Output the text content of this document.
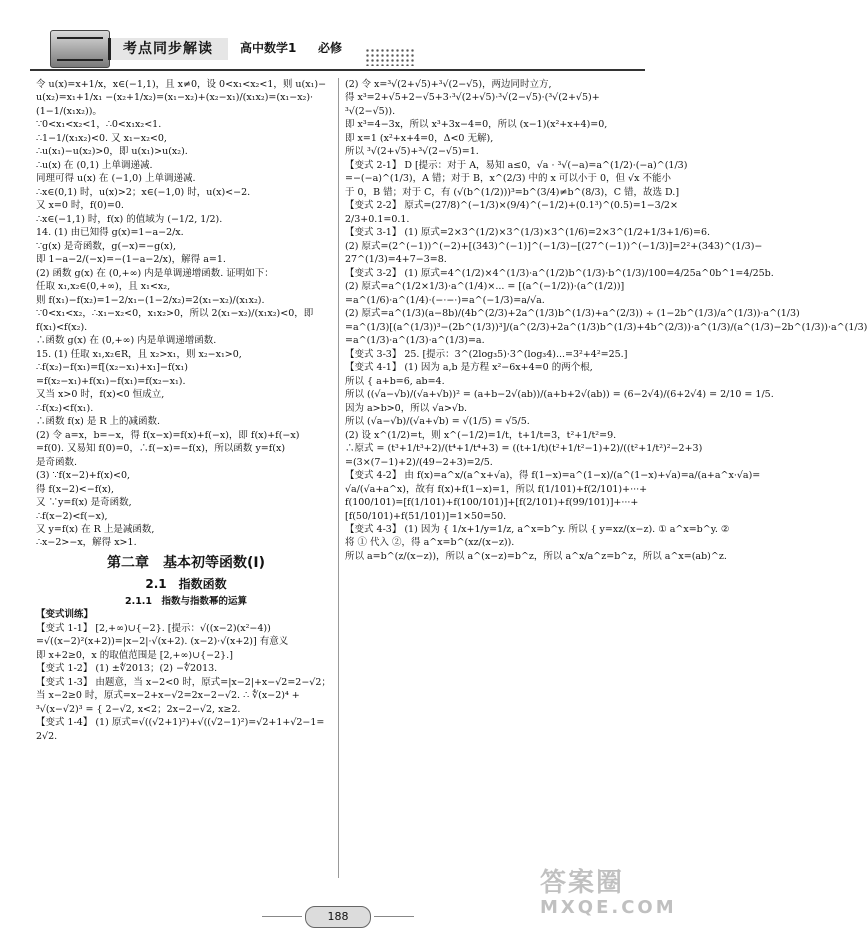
考点同步解读	高中数学1 必修
令 u(x)=x+1/x，x∈(−1,1)，且 x≠0，设 0<x₁<x₂<1，则 u(x₁)−
u(x₂)=x₁+1/x₁ −(x₂+1/x₂)=(x₁−x₂)+(x₂−x₁)/(x₁x₂)=(x₁−x₂)·
(1−1/(x₁x₂))。
∵0<x₁<x₂<1，∴0<x₁x₂<1.
∴1−1/(x₁x₂)<0. 又 x₁−x₂<0,
∴u(x₁)−u(x₂)>0，即 u(x₁)>u(x₂).
∴u(x) 在 (0,1) 上单调递减.
同理可得 u(x) 在 (−1,0) 上单调递减.
∴x∈(0,1) 时，u(x)>2；x∈(−1,0) 时，u(x)<−2.
又 x=0 时，f(0)=0.
∴x∈(−1,1) 时，f(x) 的值域为 (−1/2, 1/2).
14. (1) 由已知得 g(x)=1−a−2/x.
∵g(x) 是奇函数，g(−x)=−g(x),
即 1−a−2/(−x)=−(1−a−2/x)，解得 a=1.
(2) 函数 g(x) 在 (0,+∞) 内是单调递增函数. 证明如下：
任取 x₁,x₂∈(0,+∞)，且 x₁<x₂,
则 f(x₁)−f(x₂)=1−2/x₁−(1−2/x₂)=2(x₁−x₂)/(x₁x₂).
∵0<x₁<x₂，∴x₁−x₂<0，x₁x₂>0，所以 2(x₁−x₂)/(x₁x₂)<0，即
f(x₁)<f(x₂).
∴函数 g(x) 在 (0,+∞) 内是单调递增函数.
15. (1) 任取 x₁,x₂∈R，且 x₂>x₁，则 x₂−x₁>0,
∴f(x₂)−f(x₁)=f[(x₂−x₁)+x₁]−f(x₁)
=f(x₂−x₁)+f(x₁)−f(x₁)=f(x₂−x₁).
又当 x>0 时，f(x)<0 恒成立,
∴f(x₂)<f(x₁).
∴函数 f(x) 是 R 上的减函数.
(2) 令 a=x，b=−x，得 f(x−x)=f(x)+f(−x)，即 f(x)+f(−x)
=f(0). 又易知 f(0)=0，∴f(−x)=−f(x)，所以函数 y=f(x)
是奇函数.
(3) ∵f(x−2)+f(x)<0,
得 f(x−2)<−f(x),
又 ∵y=f(x) 是奇函数,
∴f(x−2)<f(−x),
又 y=f(x) 在 R 上是减函数,
∴x−2>−x，解得 x>1.
第二章　基本初等函数(Ⅰ)
2.1　指数函数
2.1.1　指数与指数幂的运算
【变式训练】
【变式 1-1】 [2,+∞)∪{−2}. [提示：√((x−2)(x²−4))
=√((x−2)²(x+2))=|x−2|·√(x+2). (x−2)·√(x+2)] 有意义
即 x+2≥0，x 的取值范围是 [2,+∞)∪{−2}.]
【变式 1-2】 (1) ±∜2013；(2) −∜2013.
【变式 1-3】 由题意，当 x−2<0 时，原式=|x−2|+x−√2=2−√2；
当 x−2≥0 时，原式=x−2+x−√2=2x−2−√2. ∴ ∜(x−2)⁴ +
³√(x−√2)³ = { 2−√2, x<2；2x−2−√2, x≥2.
【变式 1-4】 (1) 原式=√((√2+1)²)+√((√2−1)²)=√2+1+√2−1=
2√2.
(2) 令 x=³√(2+√5)+³√(2−√5)，两边同时立方,
得 x³=2+√5+2−√5+3·³√(2+√5)·³√(2−√5)·(³√(2+√5)+
³√(2−√5)).
即 x³=4−3x，所以 x³+3x−4=0，所以 (x−1)(x²+x+4)=0,
即 x=1 (x²+x+4=0，Δ<0 无解),
所以 ³√(2+√5)+³√(2−√5)=1.
【变式 2-1】 D [提示：对于 A，易知 a≤0，√a · ³√(−a)=a^(1/2)·(−a)^(1/3)
=−(−a)^(1/3)，A 错；对于 B，x^(2/3) 中的 x 可以小于 0，但 √x 不能小
于 0，B 错；对于 C，有 (√(b^(1/2)))³=b^(3/4)≠b^(8/3)，C 错，故选 D.]
【变式 2-2】 原式=(27/8)^(−1/3)×(9/4)^(−1/2)+(0.1³)^(0.5)=1−3/2×
2/3+0.1=0.1.
【变式 3-1】 (1) 原式=2×3^(1/2)×3^(1/3)×3^(1/6)=2×3^(1/2+1/3+1/6)=6.
(2) 原式=(2^(−1))^(−2)+[(343)^(−1)]^(−1/3)−[(27^(−1))^(−1/3)]=2²+(343)^(1/3)−
27^(1/3)=4+7−3=8.
【变式 3-2】 (1) 原式=4^(1/2)×4^(1/3)·a^(1/2)b^(1/3)·b^(1/3)/100=4/25a^0b^1=4/25b.
(2) 原式=a^(1/2×1/3)·a^(1/4)×... = [(a^(−1/2))·(a^(1/2))]
=a^(1/6)·a^(1/4)·(−·−·)=a^(−1/3)=a/√a.
(2) 原式=a^(1/3)(a−8b)/(4b^(2/3)+2a^(1/3)b^(1/3)+a^(2/3)) ÷ (1−2b^(1/3)/a^(1/3))·a^(1/3)
=a^(1/3)[(a^(1/3))³−(2b^(1/3))³]/(a^(2/3)+2a^(1/3)b^(1/3)+4b^(2/3))·a^(1/3)/(a^(1/3)−2b^(1/3))·a^(1/3)
=a^(1/3)·a^(1/3)·a^(1/3)=a.
【变式 3-3】 25. [提示：3^(2log₃5)·3^(log₃4)...=3²+4²=25.]
【变式 4-1】 (1) 因为 a,b 是方程 x²−6x+4=0 的两个根,
所以 { a+b=6, ab=4.
所以 ((√a−√b)/(√a+√b))² = (a+b−2√(ab))/(a+b+2√(ab)) = (6−2√4)/(6+2√4) = 2/10 = 1/5.
因为 a>b>0，所以 √a>√b.
所以 (√a−√b)/(√a+√b) = √(1/5) = √5/5.
(2) 设 x^(1/2)=t，则 x^(−1/2)=1/t，t+1/t=3，t²+1/t²=9.
∴原式 = (t³+1/t³+2)/(t⁴+1/t⁴+3) = ((t+1/t)(t²+1/t²−1)+2)/((t²+1/t²)²−2+3)
=(3×(7−1)+2)/(49−2+3)=2/5.
【变式 4-2】 由 f(x)=a^x/(a^x+√a)，得 f(1−x)=a^(1−x)/(a^(1−x)+√a)=a/(a+a^x·√a)=
√a/(√a+a^x)，故有 f(x)+f(1−x)=1，所以 f(1/101)+f(2/101)+···+
f(100/101)=[f(1/101)+f(100/101)]+[f(2/101)+f(99/101)]+···+
[f(50/101)+f(51/101)]=1×50=50.
【变式 4-3】 (1) 因为 { 1/x+1/y=1/z, a^x=b^y. 所以 { y=xz/(x−z). ① a^x=b^y. ②
将 ① 代入 ②，得 a^x=b^(xz/(x−z)).
所以 a=b^(z/(x−z))，所以 a^(x−z)=b^z，所以 a^x/a^z=b^z，所以 a^x=(ab)^z.
188
答案圈
MXQE.COM
